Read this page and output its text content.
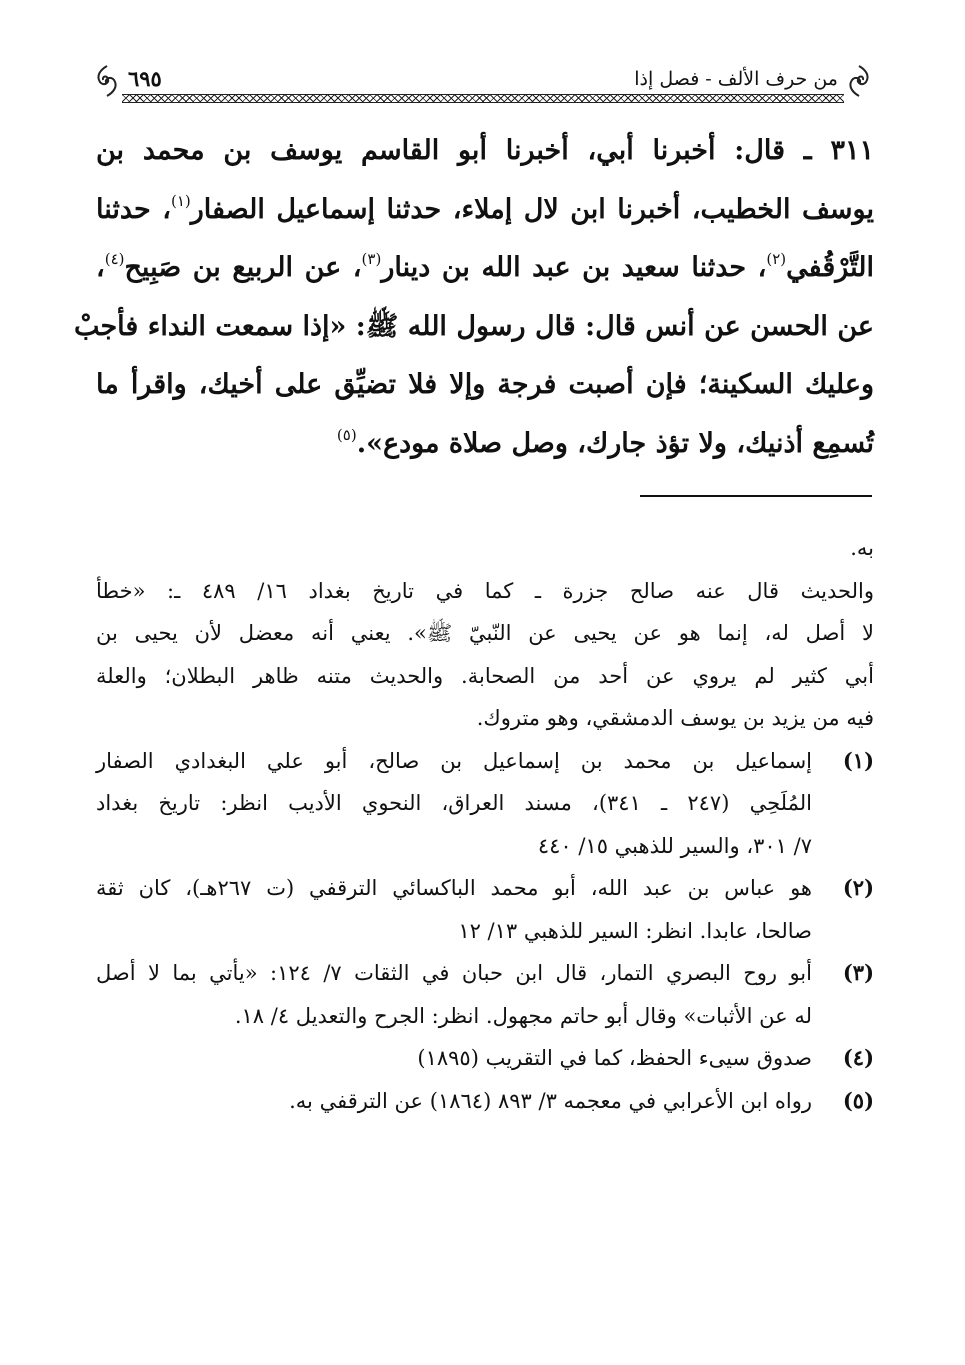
من حرف الألف - فصل إذا
٦٩٥
٣١١ ـ قال: أخبرنا أبي، أخبرنا أبو القاسم يوسف بن محمد بن
يوسف الخطيب، أخبرنا ابن لال إملاء، حدثنا إسماعيل الصفار$^{(١)}$، حدثنا
التَّرْقُفي$^{(٢)}$، حدثنا سعيد بن عبد الله بن دينار$^{(٣)}$، عن الربيع بن صَبِيح$^{(٤)}$،
عن الحسن عن أنس قال: قال رسول الله ﷺ: «إذا سمعت النداء فأجبْ
وعليك السكينة؛ فإن أصبت فرجة وإلا فلا تضيِّق على أخيك، واقرأ ما
تُسمِع أذنيك، ولا تؤذ جارك، وصل صلاة مودع».$^{(٥)}$
به.
والحديث قال عنه صالح جزرة ـ كما في تاريخ بغداد ١٦/ ٤٨٩ ـ: «خطأ
لا أصل له، إنما هو عن يحيى عن النّبيّ ﷺ». يعني أنه معضل لأن يحيى بن
أبي كثير لم يروي عن أحد من الصحابة. والحديث متنه ظاهر البطلان؛ والعلة
فيه من يزيد بن يوسف الدمشقي، وهو متروك.
(١)
إسماعيل بن محمد بن إسماعيل بن صالح، أبو علي البغدادي الصفار
المُلَحِي (٢٤٧ ـ ٣٤١)، مسند العراق، النحوي الأديب انظر: تاريخ بغداد
٧/ ٣٠١، والسير للذهبي ١٥/ ٤٤٠
(٢)
هو عباس بن عبد الله، أبو محمد الباكسائي الترقفي (ت ٢٦٧هـ)، كان ثقة
صالحا، عابدا. انظر: السير للذهبي ١٣/ ١٢
(٣)
أبو روح البصري التمار، قال ابن حبان في الثقات ٧/ ١٢٤: «يأتي بما لا أصل
له عن الأثبات» وقال أبو حاتم مجهول. انظر: الجرح والتعديل ٤/ ١٨.
(٤)
صدوق سيىء الحفظ، كما في التقريب (١٨٩٥)
(٥)
رواه ابن الأعرابي في معجمه ٣/ ٨٩٣ (١٨٦٤) عن الترقفي به.
